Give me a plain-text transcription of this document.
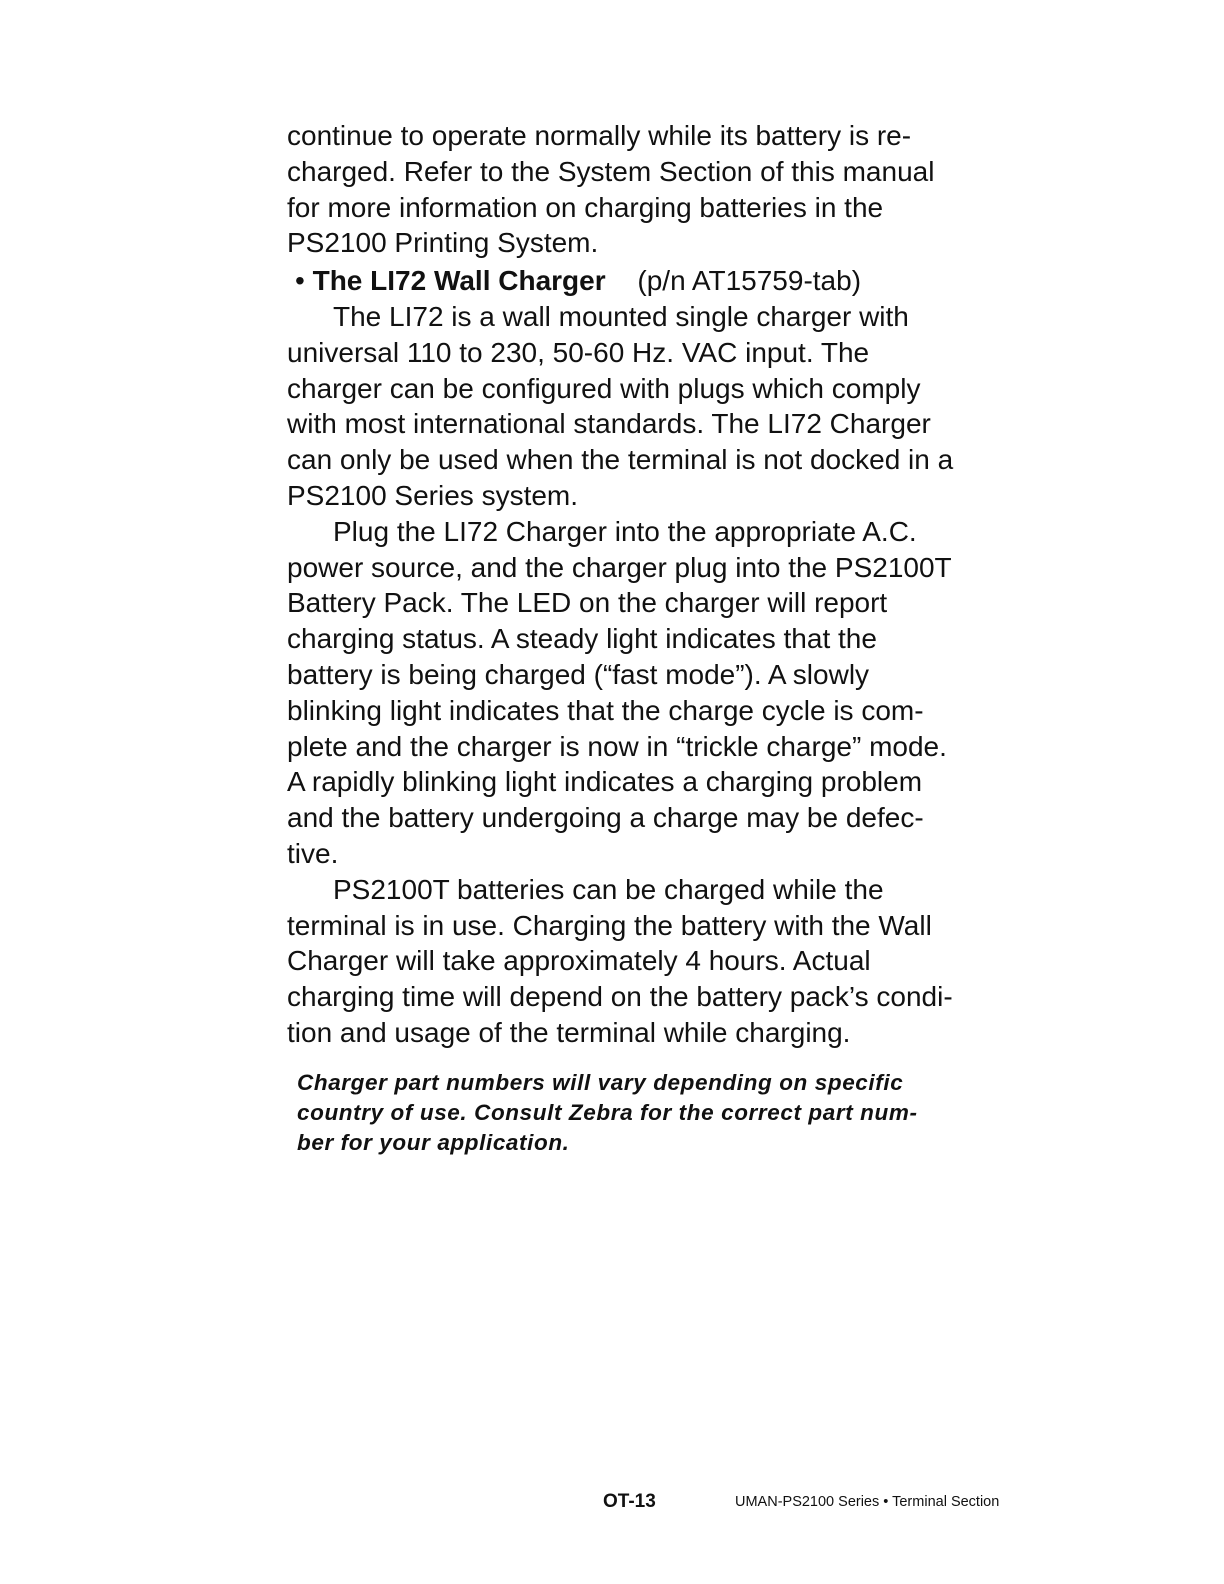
continue to operate normally while its battery is re-
charged. Refer to the System Section of this manual
for more information on charging batteries in the
PS2100 Printing System.

• The LI72 Wall Charger (p/n AT15759-tab)

The LI72 is a wall mounted single charger with
universal 110 to 230, 50-60 Hz. VAC input. The
charger can be configured with plugs which comply
with most international standards. The LI72 Charger
can only be used when the terminal is not docked in a
PS2100 Series system.

Plug the LI72 Charger into the appropriate A.C.
power source, and the charger plug into the PS2100T
Battery Pack. The LED on the charger will report
charging status. A steady light indicates that the
battery is being charged (“fast mode”). A slowly
blinking light indicates that the charge cycle is com-
plete and the charger is now in “trickle charge” mode.
A rapidly blinking light indicates a charging problem
and the battery undergoing a charge may be defec-
tive.

PS2100T batteries can be charged while the
terminal is in use. Charging the battery with the Wall
Charger will take approximately 4 hours. Actual
charging time will depend on the battery pack’s condi-
tion and usage of the terminal while charging.

Charger part numbers will vary depending on specific
country of use. Consult Zebra for the correct part num-
ber for your application.
OT-13	UMAN-PS2100 Series • Terminal Section
